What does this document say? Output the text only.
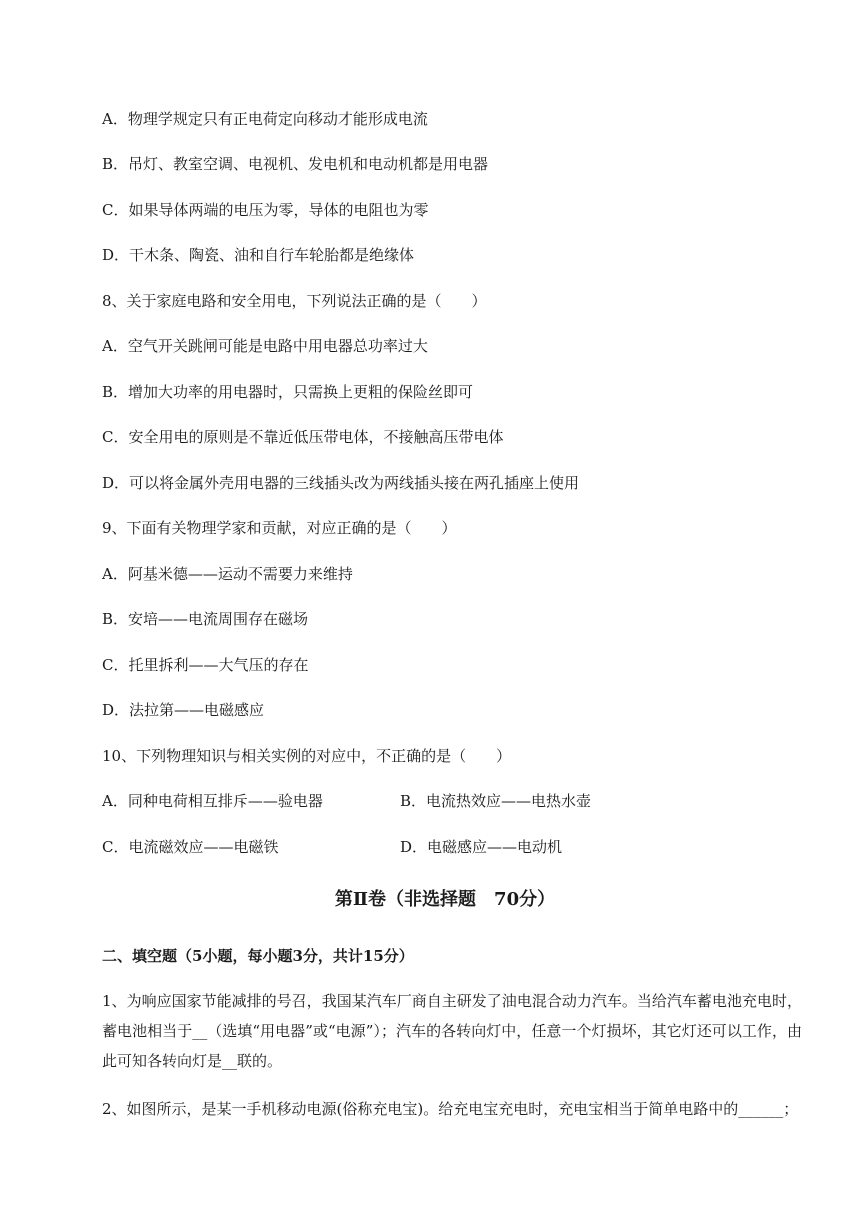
A．物理学规定只有正电荷定向移动才能形成电流
B．吊灯、教室空调、电视机、发电机和电动机都是用电器
C．如果导体两端的电压为零，导体的电阻也为零
D．干木条、陶瓷、油和自行车轮胎都是绝缘体
8、关于家庭电路和安全用电，下列说法正确的是（　　）
A．空气开关跳闸可能是电路中用电器总功率过大
B．增加大功率的用电器时，只需换上更粗的保险丝即可
C．安全用电的原则是不靠近低压带电体，不接触高压带电体
D．可以将金属外壳用电器的三线插头改为两线插头接在两孔插座上使用
9、下面有关物理学家和贡献，对应正确的是（　　）
A．阿基米德——运动不需要力来维持
B．安培——电流周围存在磁场
C．托里拆利——大气压的存在
D．法拉第——电磁感应
10、下列物理知识与相关实例的对应中，不正确的是（　　）
A．同种电荷相互排斥——验电器	B．电流热效应——电热水壶
C．电流磁效应——电磁铁	D．电磁感应——电动机
第Ⅱ卷（非选择题　70分）
二、填空题（5小题，每小题3分，共计15分）
1、为响应国家节能减排的号召，我国某汽车厂商自主研发了油电混合动力汽车。当给汽车蓄电池充电时，蓄电池相当于__（选填“用电器”或“电源”）；汽车的各转向灯中，任意一个灯损坏，其它灯还可以工作，由此可知各转向灯是__联的。
2、如图所示，是某一手机移动电源(俗称充电宝)。给充电宝充电时，充电宝相当于简单电路中的______；
